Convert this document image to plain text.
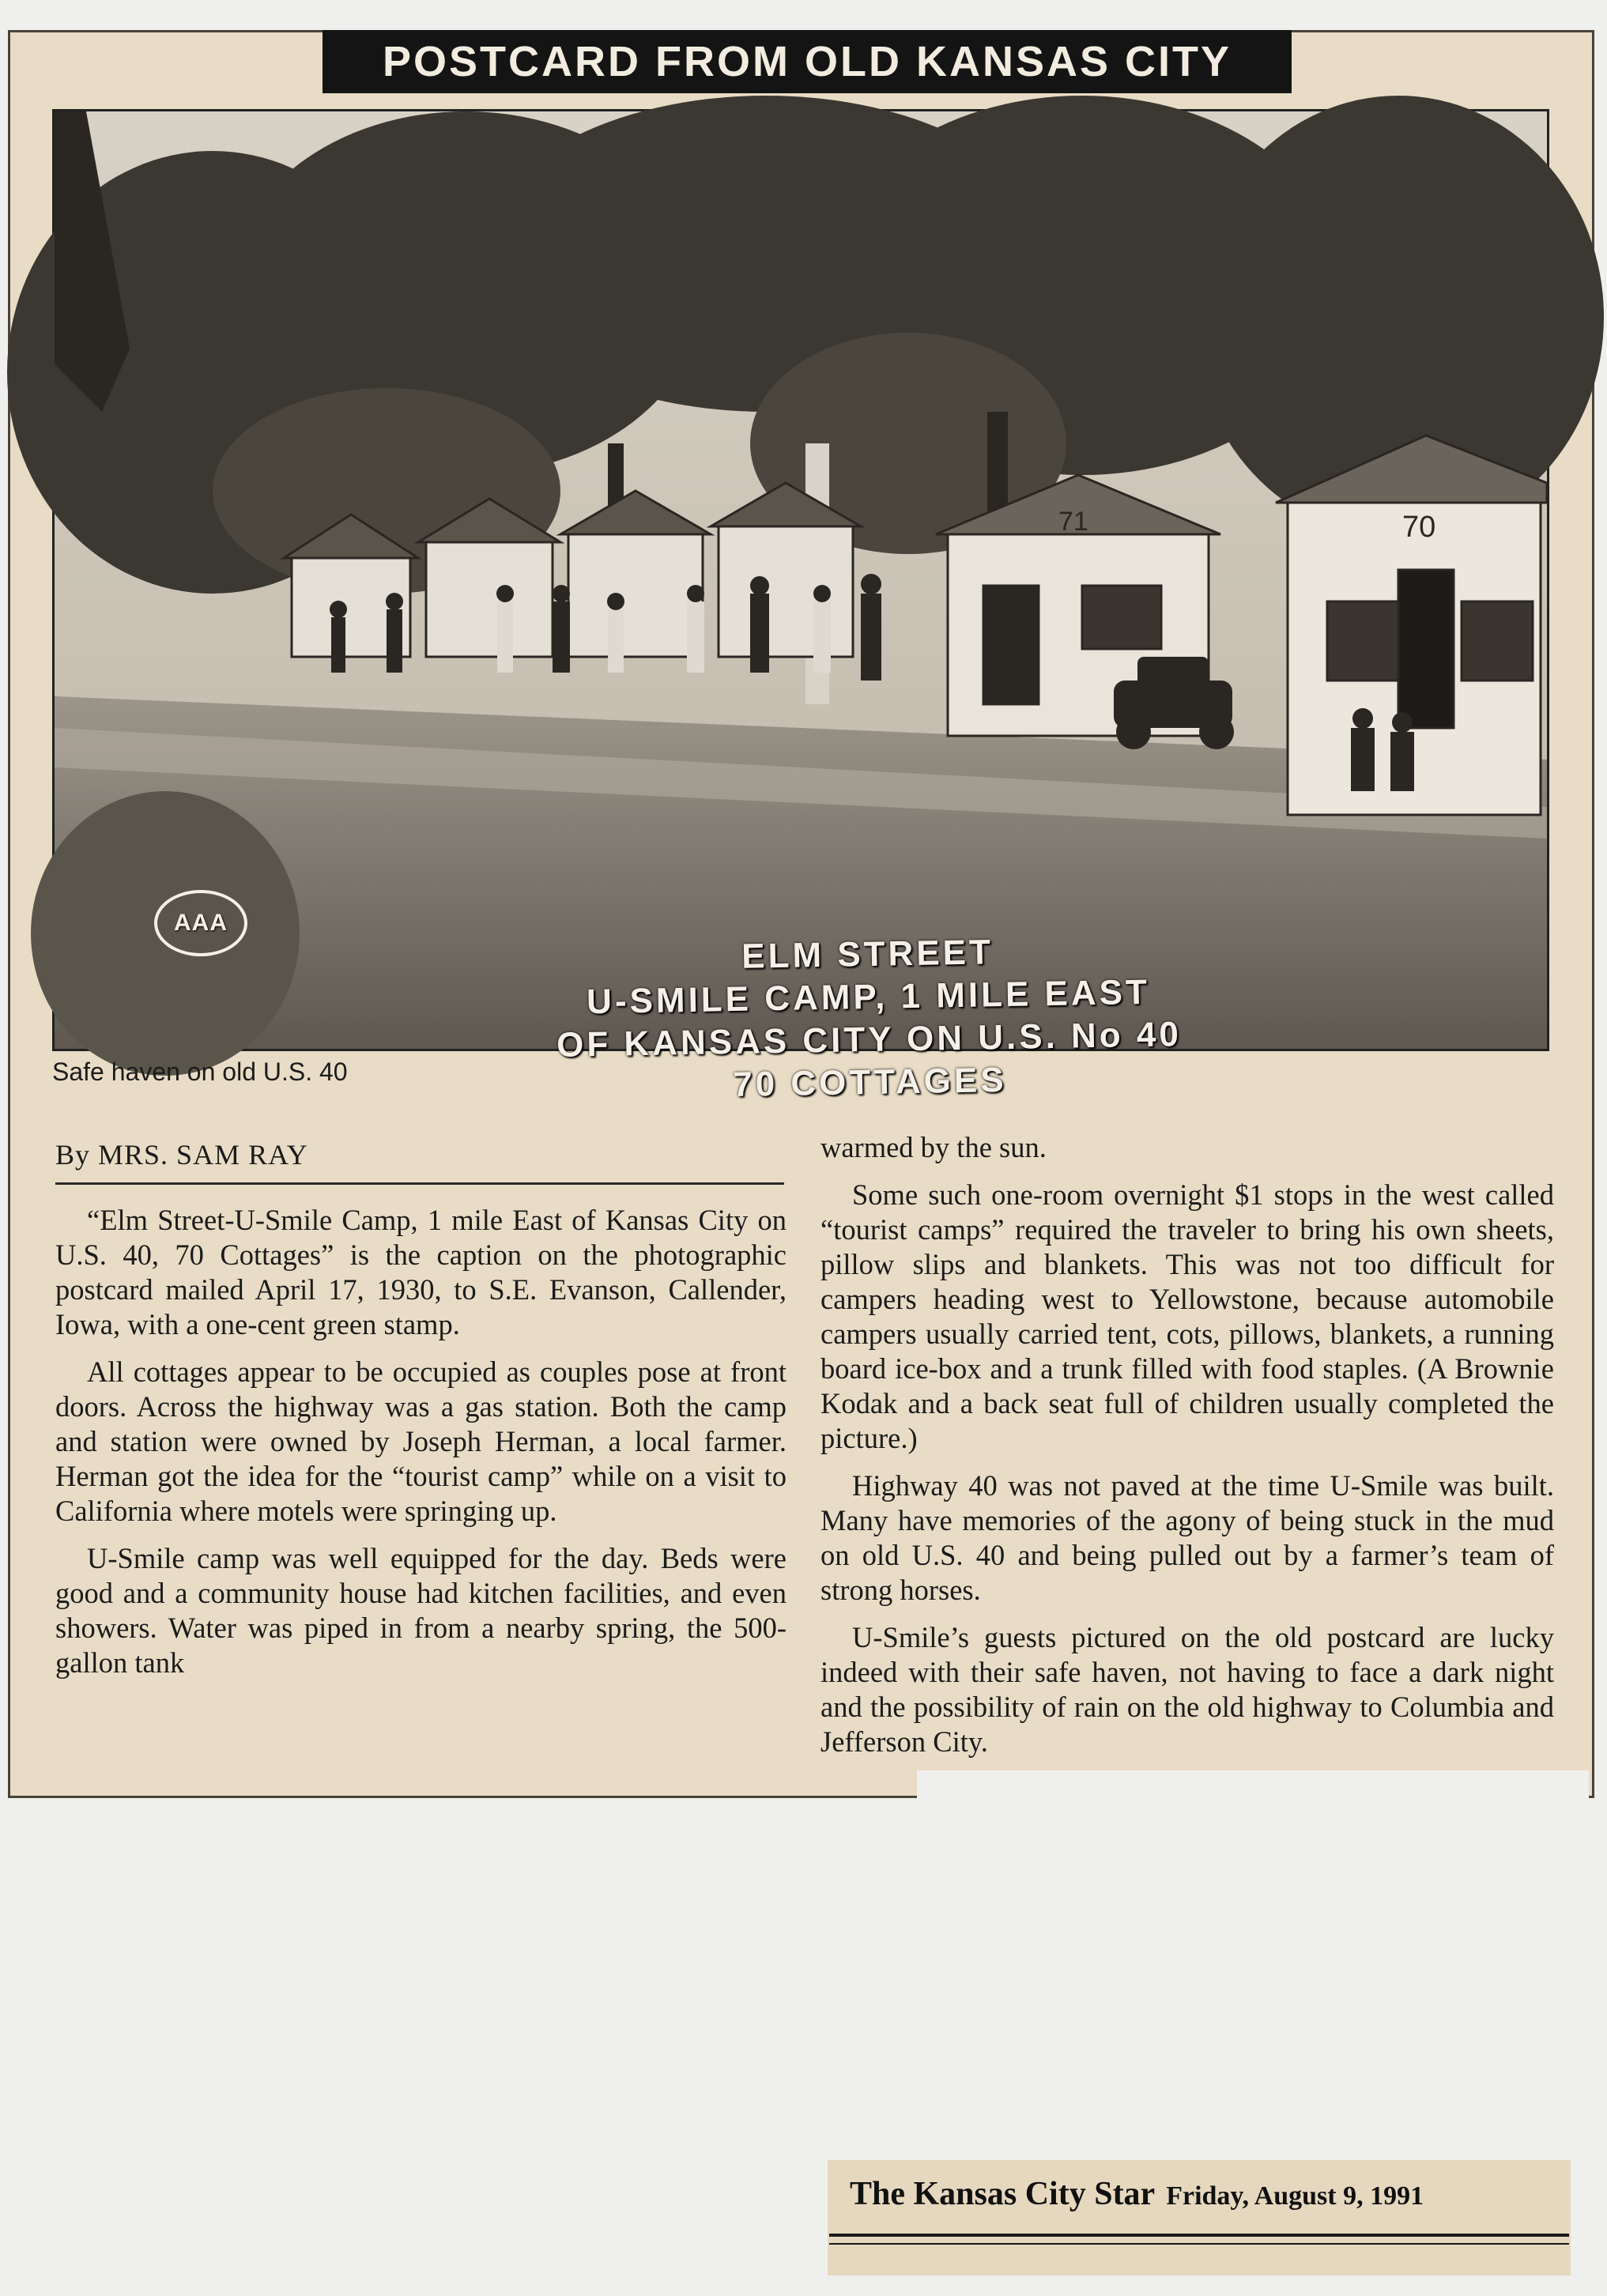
POSTCARD FROM OLD KANSAS CITY
71	70
AAA
ELM STREET
U-SMILE CAMP, 1 MILE EAST
OF KANSAS CITY ON U.S. No 40
70 COTTAGES
Safe haven on old U.S. 40
By MRS. SAM RAY

“Elm Street-U-Smile Camp, 1 mile East of Kansas City on U.S. 40, 70 Cottages” is the caption on the photographic postcard mailed April 17, 1930, to S.E. Evanson, Callender, Iowa, with a one-cent green stamp.

All cottages appear to be occupied as couples pose at front doors. Across the highway was a gas station. Both the camp and station were owned by Joseph Herman, a local farmer. Herman got the idea for the “tourist camp” while on a visit to California where motels were springing up.

U-Smile camp was well equipped for the day. Beds were good and a community house had kitchen facilities, and even showers. Water was piped in from a nearby spring, the 500-gallon tank

warmed by the sun.

Some such one-room overnight $1 stops in the west called “tourist camps” required the traveler to bring his own sheets, pillow slips and blankets. This was not too difficult for campers heading west to Yellowstone, because automobile campers usually carried tent, cots, pillows, blankets, a running board ice-box and a trunk filled with food staples. (A Brownie Kodak and a back seat full of children usually completed the picture.)

Highway 40 was not paved at the time U-Smile was built. Many have memories of the agony of being stuck in the mud on old U.S. 40 and being pulled out by a farmer’s team of strong horses.

U-Smile’s guests pictured on the old postcard are lucky indeed with their safe haven, not having to face a dark night and the possibility of rain on the old highway to Columbia and Jefferson City.

The Kansas City Star Friday, August 9, 1991
